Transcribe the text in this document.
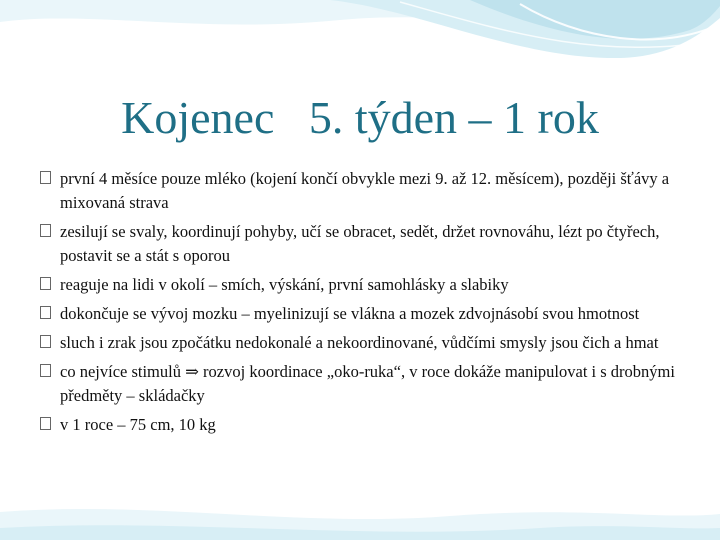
Kojenec   5. týden – 1 rok
první 4 měsíce pouze mléko (kojení končí obvykle mezi 9. až 12. měsícem), později šťávy a mixovaná strava
zesilují se svaly, koordinují pohyby, učí se obracet, sedět, držet rovnováhu, lézt po čtyřech, postavit se a stát s oporou
reaguje na lidi v okolí – smích, výskání, první samohlásky a slabiky
dokončuje se vývoj mozku – myelinizují se vlákna a mozek zdvojnásobí svou hmotnost
sluch i zrak jsou zpočátku nedokonalé a nekoordinované, vůdčími smysly jsou čich a hmat
co nejvíce stimulů ⇒ rozvoj koordinace „oko-ruka“, v roce dokáže manipulovat i s drobnými předměty – skládačky
v 1 roce – 75 cm, 10 kg
